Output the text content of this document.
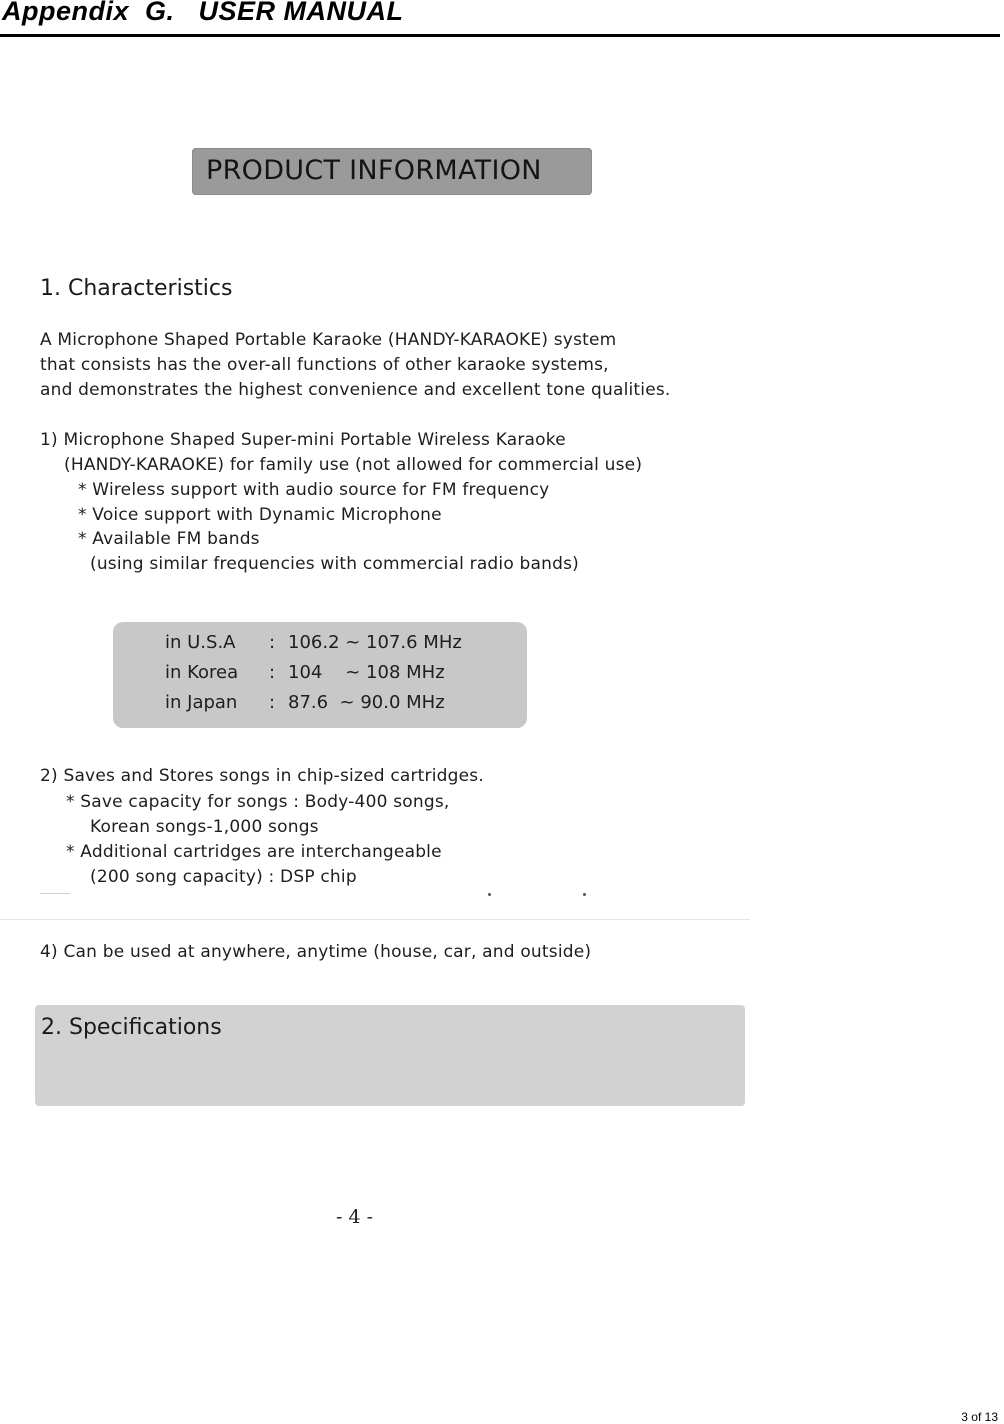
Appendix  G.   USER MANUAL
PRODUCT INFORMATION
1. Characteristics
A Microphone Shaped Portable Karaoke (HANDY-KARAOKE) system
that consists has the over-all functions of other karaoke systems,
and demonstrates the highest convenience and excellent tone qualities.
1) Microphone Shaped Super-mini Portable Wireless Karaoke
(HANDY-KARAOKE) for family use (not allowed for commercial use)
* Wireless support with audio source for FM frequency
* Voice support with Dynamic Microphone
* Available FM bands
(using similar frequencies with commercial radio bands)
in U.S.A : 106.2 ~ 107.6 MHz
in Korea : 104    ~ 108 MHz
in Japan : 87.6  ~ 90.0 MHz
2) Saves and Stores songs in chip-sized cartridges.
* Save capacity for songs : Body-400 songs,
Korean songs-1,000 songs
* Additional cartridges are interchangeable
(200 song capacity) : DSP chip
4) Can be used at anywhere, anytime (house, car, and outside)
2. Specifications
- 4 -
3 of 13
